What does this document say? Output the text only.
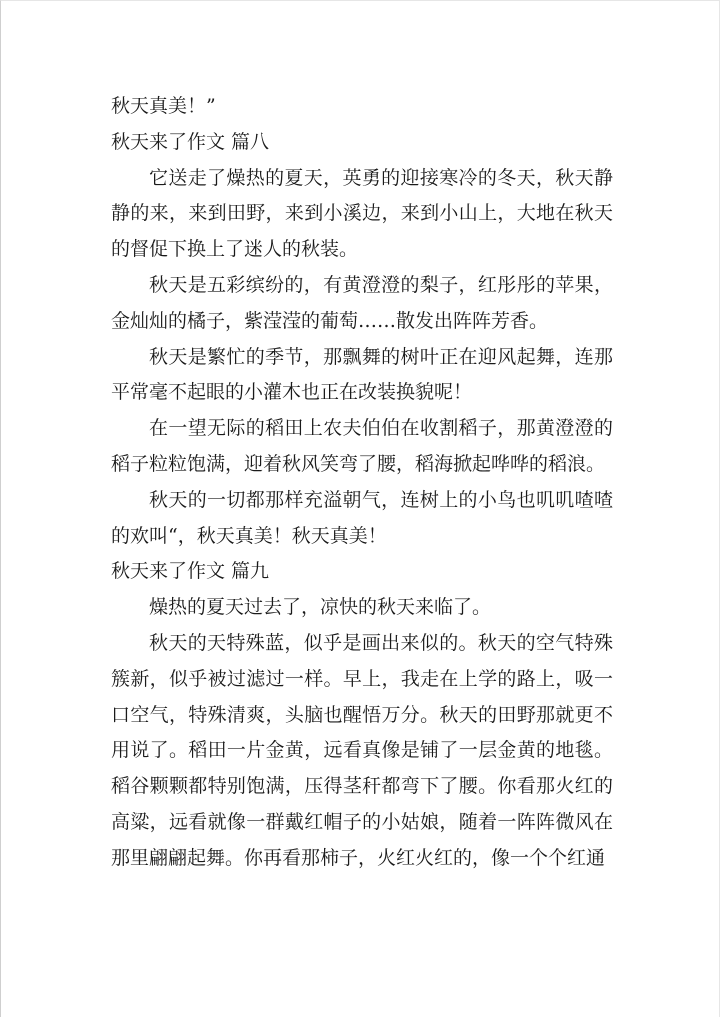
秋天真美！”

秋天来了作文 篇八

它送走了燥热的夏天，英勇的迎接寒冷的冬天，秋天静静的来，来到田野，来到小溪边，来到小山上，大地在秋天的督促下换上了迷人的秋装。

秋天是五彩缤纷的，有黄澄澄的梨子，红彤彤的苹果，金灿灿的橘子，紫滢滢的葡萄……散发出阵阵芳香。

秋天是繁忙的季节，那飘舞的树叶正在迎风起舞，连那平常毫不起眼的小灌木也正在改装换貌呢！

在一望无际的稻田上农夫伯伯在收割稻子，那黄澄澄的稻子粒粒饱满，迎着秋风笑弯了腰，稻海掀起哗哗的稻浪。

秋天的一切都那样充溢朝气，连树上的小鸟也叽叽喳喳的欢叫“，秋天真美！秋天真美！

秋天来了作文 篇九

燥热的夏天过去了，凉快的秋天来临了。

秋天的天特殊蓝，似乎是画出来似的。秋天的空气特殊簇新，似乎被过滤过一样。早上，我走在上学的路上，吸一口空气，特殊清爽，头脑也醒悟万分。秋天的田野那就更不用说了。稻田一片金黄，远看真像是铺了一层金黄的地毯。稻谷颗颗都特别饱满，压得茎秆都弯下了腰。你看那火红的高粱，远看就像一群戴红帽子的小姑娘，随着一阵阵微风在那里翩翩起舞。你再看那柿子，火红火红的，像一个个红通
